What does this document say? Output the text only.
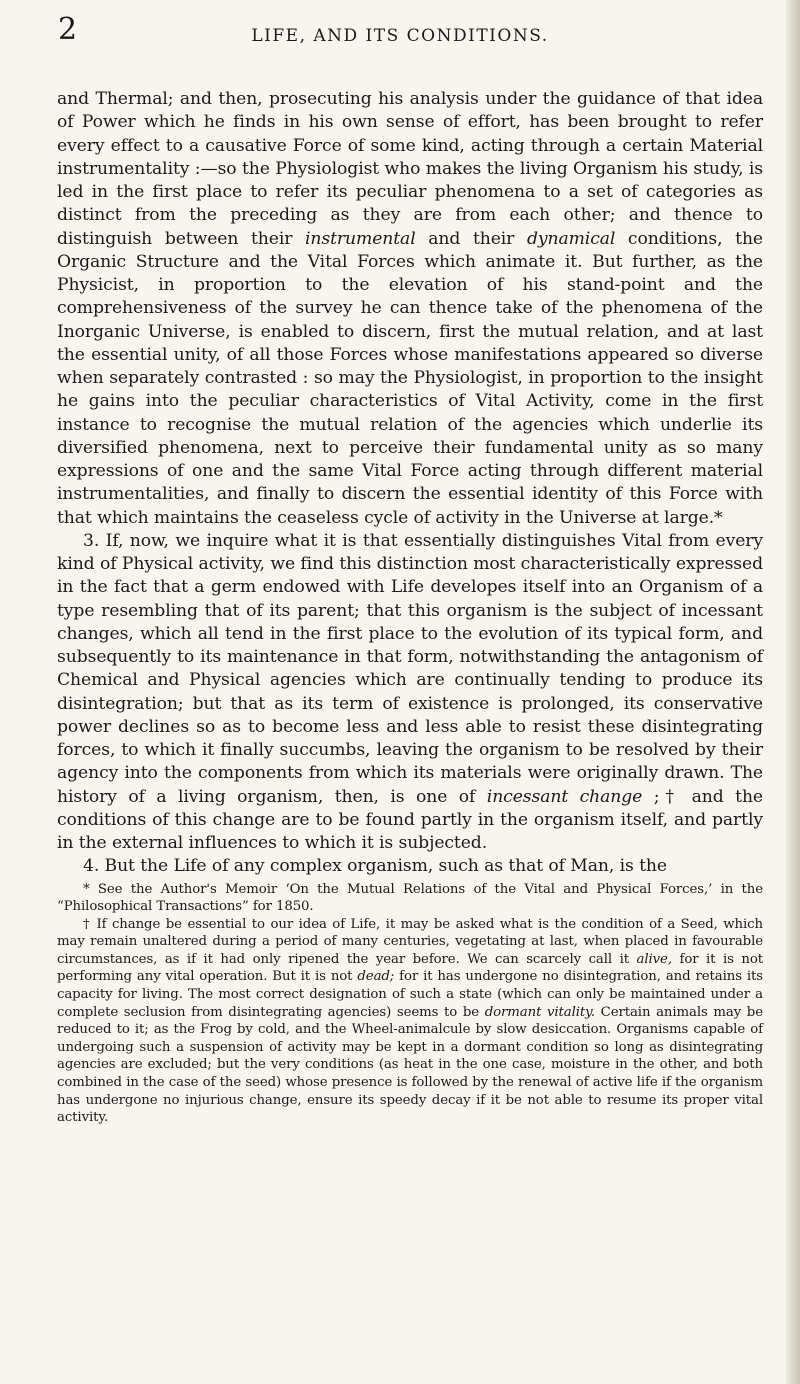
2	LIFE, AND ITS CONDITIONS.

and Thermal; and then, prosecuting his analysis under the guidance of that idea of Power which he finds in his own sense of effort, has been brought to refer every effect to a causative Force of some kind, acting through a certain Material instrumentality :—so the Physiologist who makes the living Organism his study, is led in the first place to refer its peculiar phenomena to a set of categories as distinct from the preceding as they are from each other; and thence to distinguish between their instrumental and their dynamical conditions, the Organic Structure and the Vital Forces which animate it. But further, as the Physicist, in proportion to the elevation of his stand-point and the comprehensiveness of the survey he can thence take of the phenomena of the Inorganic Universe, is enabled to discern, first the mutual relation, and at last the essential unity, of all those Forces whose manifestations appeared so diverse when separately contrasted : so may the Physiologist, in proportion to the insight he gains into the peculiar characteristics of Vital Activity, come in the first instance to recognise the mutual relation of the agencies which underlie its diversified phenomena, next to perceive their fundamental unity as so many expressions of one and the same Vital Force acting through different material instrumentalities, and finally to discern the essential identity of this Force with that which maintains the ceaseless cycle of activity in the Universe at large.*

3. If, now, we inquire what it is that essentially distinguishes Vital from every kind of Physical activity, we find this distinction most characteristically expressed in the fact that a germ endowed with Life developes itself into an Organism of a type resembling that of its parent; that this organism is the subject of incessant changes, which all tend in the first place to the evolution of its typical form, and subsequently to its maintenance in that form, notwithstanding the antagonism of Chemical and Physical agencies which are continually tending to produce its disintegration; but that as its term of existence is prolonged, its conservative power declines so as to become less and less able to resist these disintegrating forces, to which it finally succumbs, leaving the organism to be resolved by their agency into the components from which its materials were originally drawn. The history of a living organism, then, is one of incessant change ;† and the conditions of this change are to be found partly in the organism itself, and partly in the external influences to which it is subjected.

4. But the Life of any complex organism, such as that of Man, is the

* See the Author's Memoir ‘On the Mutual Relations of the Vital and Physical Forces,’ in the “Philosophical Transactions” for 1850.

† If change be essential to our idea of Life, it may be asked what is the condition of a Seed, which may remain unaltered during a period of many centuries, vegetating at last, when placed in favourable circumstances, as if it had only ripened the year before. We can scarcely call it alive, for it is not performing any vital operation. But it is not dead; for it has undergone no disintegration, and retains its capacity for living. The most correct designation of such a state (which can only be maintained under a complete seclusion from disintegrating agencies) seems to be dormant vitality. Certain animals may be reduced to it; as the Frog by cold, and the Wheel-animalcule by slow desiccation. Organisms capable of undergoing such a suspension of activity may be kept in a dormant condition so long as disintegrating agencies are excluded; but the very conditions (as heat in the one case, moisture in the other, and both combined in the case of the seed) whose presence is followed by the renewal of active life if the organism has undergone no injurious change, ensure its speedy decay if it be not able to resume its proper vital activity.
